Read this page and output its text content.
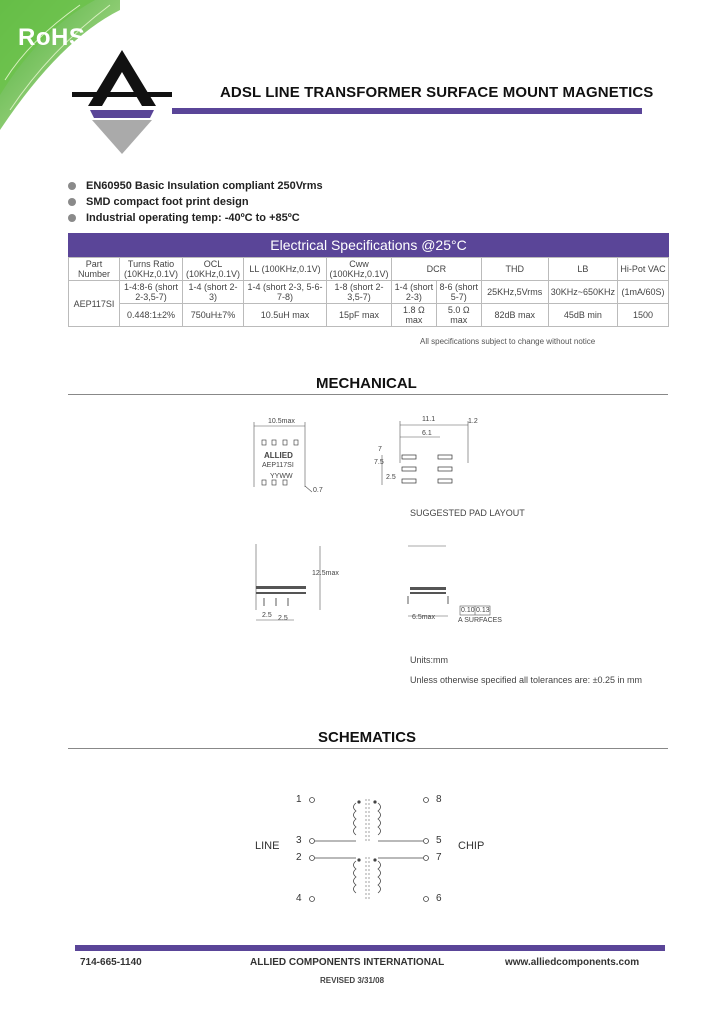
RoHS
ADSL LINE TRANSFORMER SURFACE MOUNT MAGNETICS
EN60950 Basic Insulation compliant 250Vrms
SMD compact foot print design
Industrial operating temp: -40ºC to +85ºC
Electrical Specifications @25°C
Part Number	Turns Ratio (10KHz,0.1V)	OCL (10KHz,0.1V)	LL (100KHz,0.1V)	Cww (100KHz,0.1V)	DCR		THD	LB	Hi-Pot VAC
AEP117SI	1-4:8-6 (short 2-3,5-7)	1-4 (short 2-3)	1-4 (short 2-3, 5-6-7-8)	1-8 (short 2-3,5-7)	1-4 (short 2-3)	8-6 (short 5-7)	25KHz,5Vrms	30KHz~650KHz	(1mA/60S)
	0.448:1±2%	750uH±7%	10.5uH max	15pF max	1.8 Ω max	5.0 Ω max	82dB max	45dB min	1500
All specifications subject to change without notice
MECHANICAL
10.5max
ALLIED
AEP117SI
YYWW
0.7
11.1	1.2
6.1
7
7.5
2.5
SUGGESTED PAD LAYOUT
12.5max
2.5 2.5	6.5max
0.10 0.13
A SURFACES
Units:mm
Unless otherwise specified all tolerances are: ±0.25 in mm
SCHEMATICS
LINE	CHIP
1
3
2
4
8
5
7
6
714-665-1140	ALLIED COMPONENTS INTERNATIONAL	www.alliedcomponents.com
REVISED 3/31/08
